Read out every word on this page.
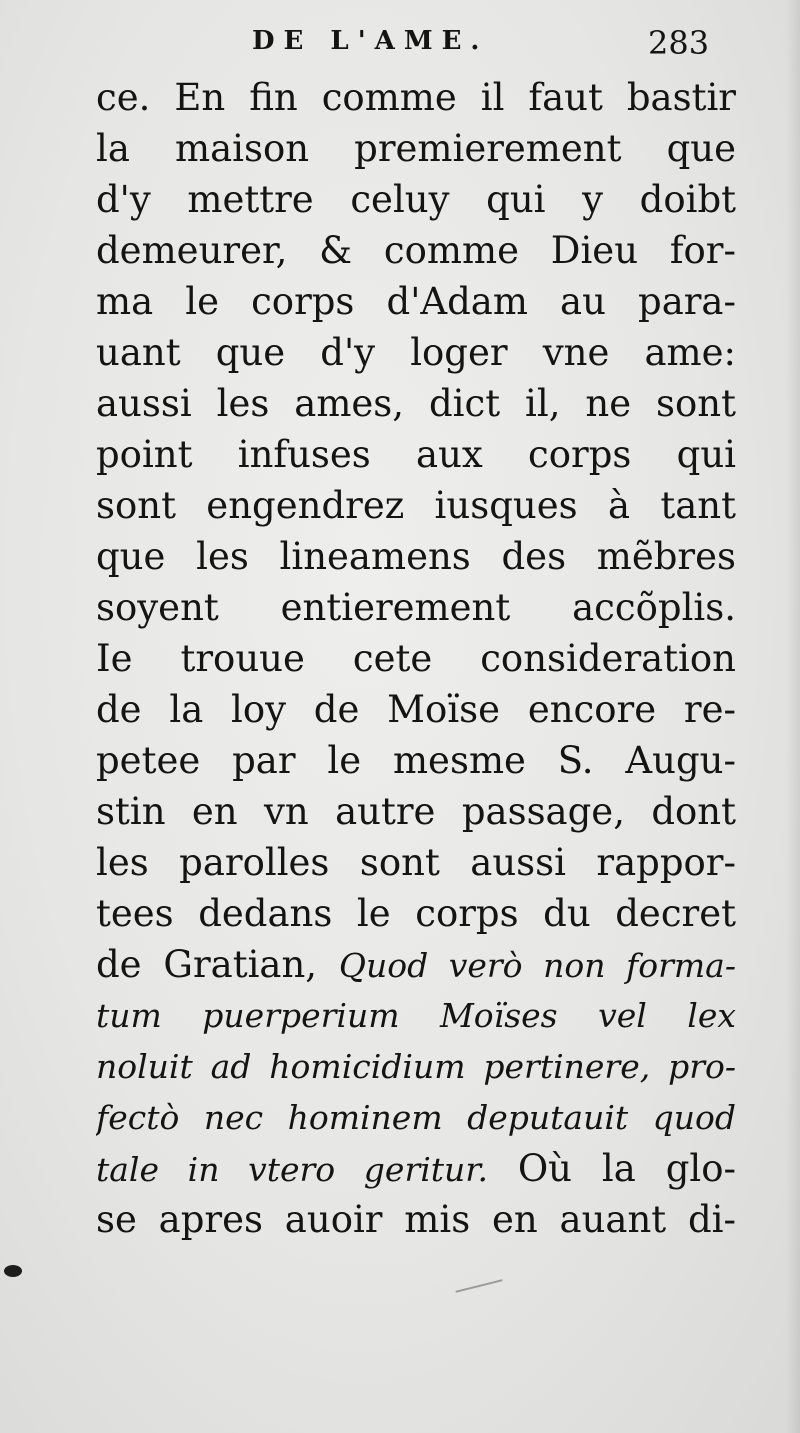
DE L'AME.	283
ce. En fin comme il faut bastir
la maison premierement que
d'y mettre celuy qui y doibt
demeurer, & comme Dieu for-
ma le corps d'Adam au para-
uant que d'y loger vne ame:
aussi les ames, dict il, ne sont
point infuses aux corps qui
sont engendrez iusques à tant
que les lineamens des mẽbres
soyent entierement accõplis.
Ie trouue cete consideration
de la loy de Moïse encore re-
petee par le mesme S. Augu-
stin en vn autre passage, dont
les parolles sont aussi rappor-
tees dedans le corps du decret
de Gratian, Quod verò non forma-
tum puerperium Moïses vel lex
noluit ad homicidium pertinere, pro-
fectò nec hominem deputauit quod
tale in vtero geritur. Où la glo-
se apres auoir mis en auant di-
